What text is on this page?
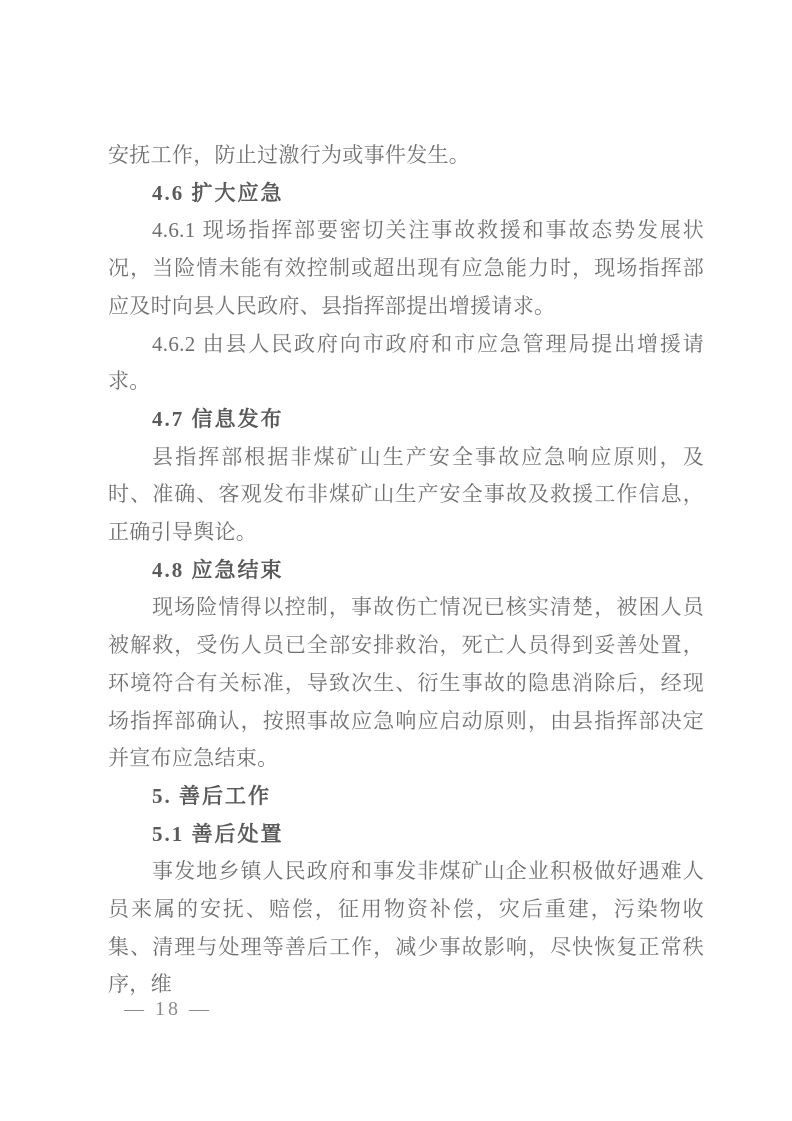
安抚工作，防止过激行为或事件发生。

4.6 扩大应急

4.6.1 现场指挥部要密切关注事故救援和事故态势发展状况，当险情未能有效控制或超出现有应急能力时，现场指挥部应及时向县人民政府、县指挥部提出增援请求。

4.6.2 由县人民政府向市政府和市应急管理局提出增援请求。

4.7 信息发布

县指挥部根据非煤矿山生产安全事故应急响应原则，及时、准确、客观发布非煤矿山生产安全事故及救援工作信息，正确引导舆论。

4.8 应急结束

现场险情得以控制，事故伤亡情况已核实清楚，被困人员被解救，受伤人员已全部安排救治，死亡人员得到妥善处置，环境符合有关标准，导致次生、衍生事故的隐患消除后，经现场指挥部确认，按照事故应急响应启动原则，由县指挥部决定并宣布应急结束。

5. 善后工作

5.1 善后处置

事发地乡镇人民政府和事发非煤矿山企业积极做好遇难人员来属的安抚、赔偿，征用物资补偿，灾后重建，污染物收集、清理与处理等善后工作，减少事故影响，尽快恢复正常秩序，维

— 18 —
